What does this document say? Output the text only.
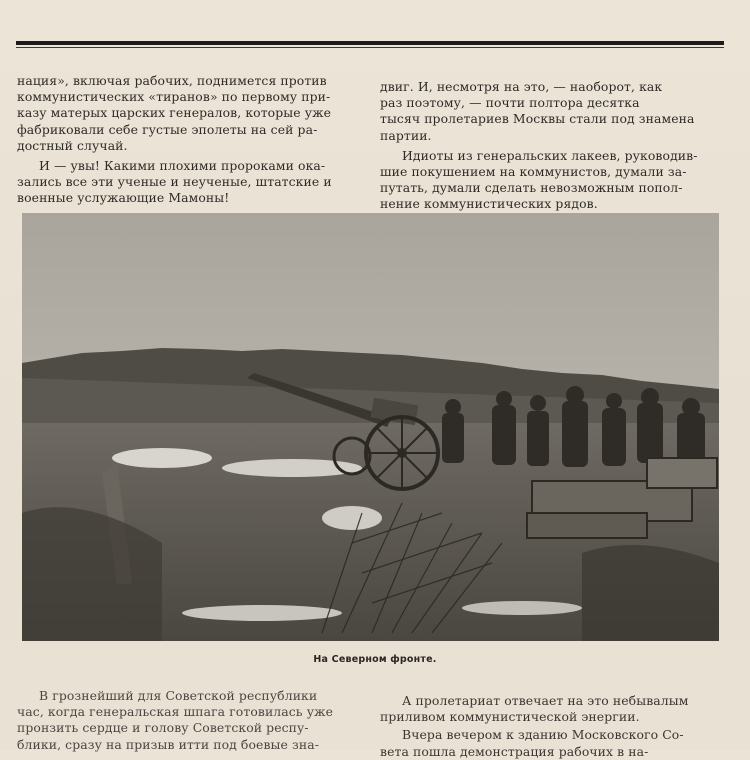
нация», включая рабочих, поднимется против
коммунистических «тиранов» по первому при-
казу матерых царских генералов, которые уже
фабриковали себе густые эполеты на сей ра-
достный случай.

И — увы! Какими плохими пророками ока-
зались все эти ученые и неученые, штатские и
военные услужающие Мамоны!

двиг. И, несмотря на это, — наоборот, как
раз поэтому, — почти полтора десятка
тысяч пролетариев Москвы стали под знамена
партии.

Идиоты из генеральских лакеев, руководив-
шие покушением на коммунистов, думали за-
путать, думали сделать невозможным попол-
нение коммунистических рядов.

На Северном фронте.

В грознейший для Советской республики
час, когда генеральская шпага готовилась уже
пронзить сердце и голову Советской респу-
блики, сразу на призыв итти под боевые зна-

А пролетариат отвечает на это небывалым
приливом коммунистической энергии.

Вчера вечером к зданию Московского Со-
вета пошла демонстрация рабочих в на-
